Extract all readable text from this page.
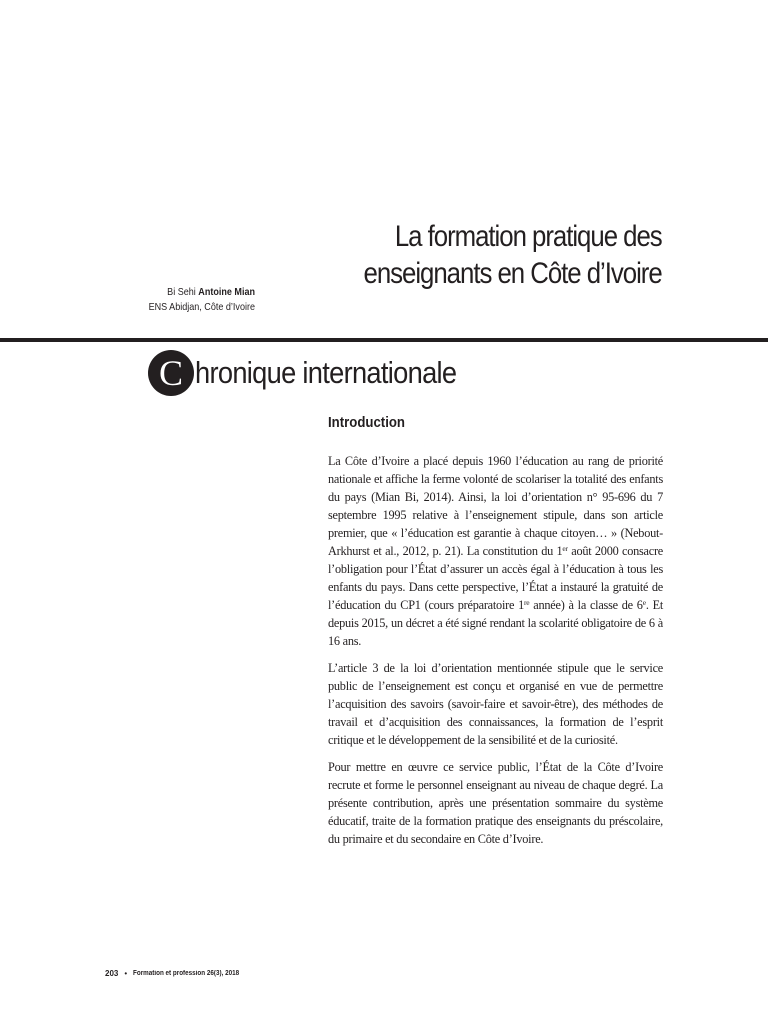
La formation pratique des
enseignants en Côte d’Ivoire
Bi Sehi Antoine Mian
ENS Abidjan, Côte d’Ivoire
C hronique internationale
Introduction

La Côte d’Ivoire a placé depuis 1960 l’éducation au rang de priorité nationale et affiche la ferme volonté de scolariser la totalité des enfants du pays (Mian Bi, 2014). Ainsi, la loi d’orientation n° 95-696 du 7 septembre 1995 relative à l’enseignement stipule, dans son article premier, que « l’éducation est garantie à chaque citoyen… » (Nebout-Arkhurst et al., 2012, p. 21). La constitution du 1er août 2000 consacre l’obligation pour l’État d’assurer un accès égal à l’éducation à tous les enfants du pays. Dans cette perspective, l’État a instauré la gratuité de l’éducation du CP1 (cours préparatoire 1re année) à la classe de 6e. Et depuis 2015, un décret a été signé rendant la scolarité obligatoire de 6 à 16 ans.

L’article 3 de la loi d’orientation mentionnée stipule que le service public de l’enseignement est conçu et organisé en vue de permettre l’acquisition des savoirs (savoir-faire et savoir-être), des méthodes de travail et d’acquisition des connaissances, la formation de l’esprit critique et le développement de la sensibilité et de la curiosité.

Pour mettre en œuvre ce service public, l’État de la Côte d’Ivoire recrute et forme le personnel enseignant au niveau de chaque degré. La présente contribution, après une présentation sommaire du système éducatif, traite de la formation pratique des enseignants du préscolaire, du primaire et du secondaire en Côte d’Ivoire.

203 • Formation et profession 26(3), 2018
